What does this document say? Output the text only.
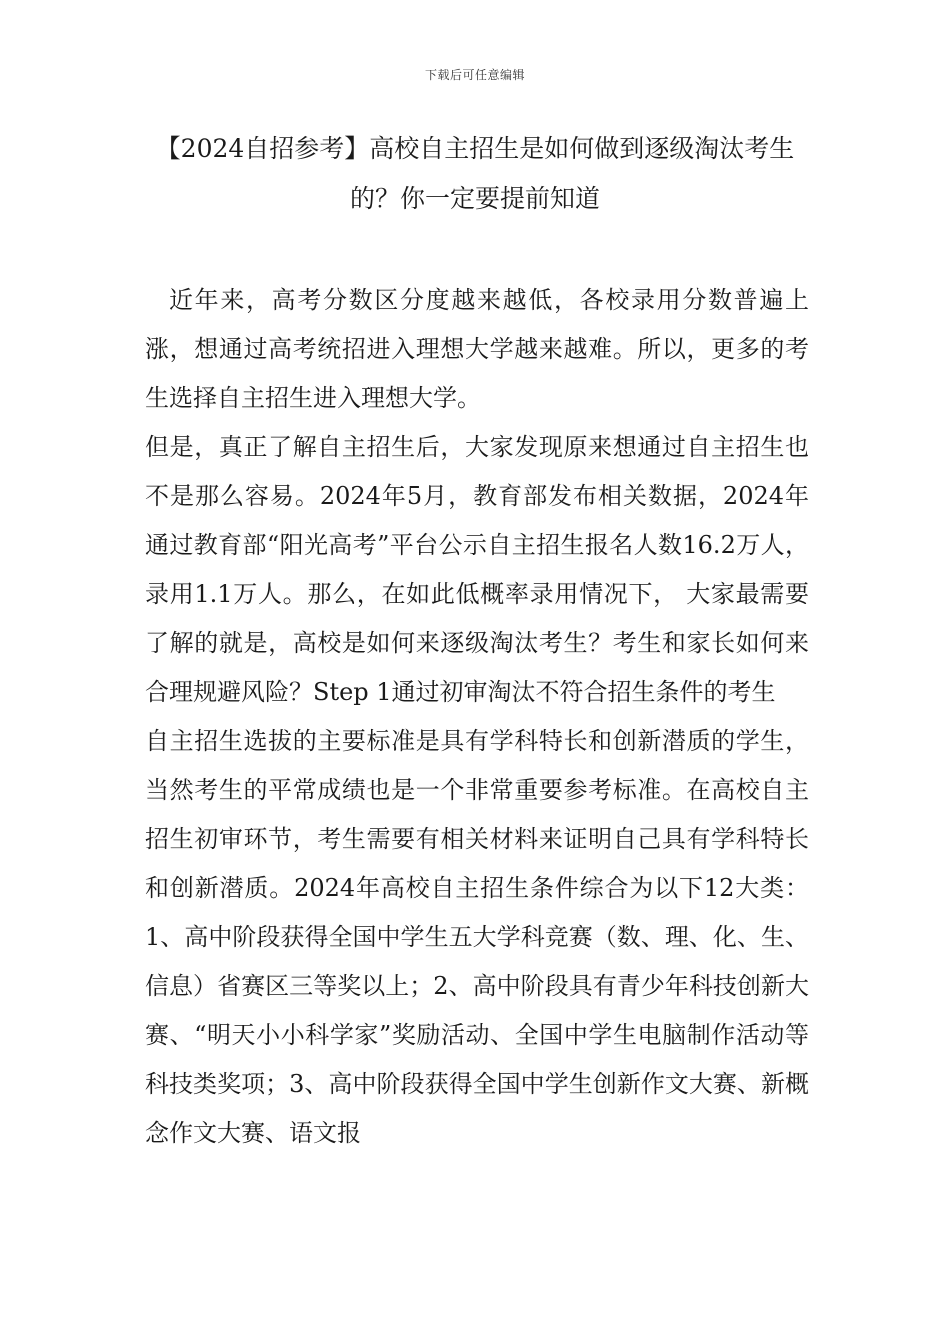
下载后可任意编辑
【2024自招参考】高校自主招生是如何做到逐级淘汰考生的？你一定要提前知道

近年来，高考分数区分度越来越低，各校录用分数普遍上涨，想通过高考统招进入理想大学越来越难。所以，更多的考生选择自主招生进入理想大学。

但是，真正了解自主招生后，大家发现原来想通过自主招生也不是那么容易。2024年5月，教育部发布相关数据，2024年通过教育部“阳光高考”平台公示自主招生报名人数16.2万人，录用1.1万人。那么，在如此低概率录用情况下， 大家最需要了解的就是，高校是如何来逐级淘汰考生？考生和家长如何来合理规避风险？Step 1通过初审淘汰不符合招生条件的考生

自主招生选拔的主要标准是具有学科特长和创新潜质的学生，当然考生的平常成绩也是一个非常重要参考标准。在高校自主招生初审环节，考生需要有相关材料来证明自己具有学科特长和创新潜质。2024年高校自主招生条件综合为以下12大类：1、高中阶段获得全国中学生五大学科竞赛（数、理、化、生、信息）省赛区三等奖以上；2、高中阶段具有青少年科技创新大赛、“明天小小科学家”奖励活动、全国中学生电脑制作活动等科技类奖项；3、高中阶段获得全国中学生创新作文大赛、新概念作文大赛、语文报
